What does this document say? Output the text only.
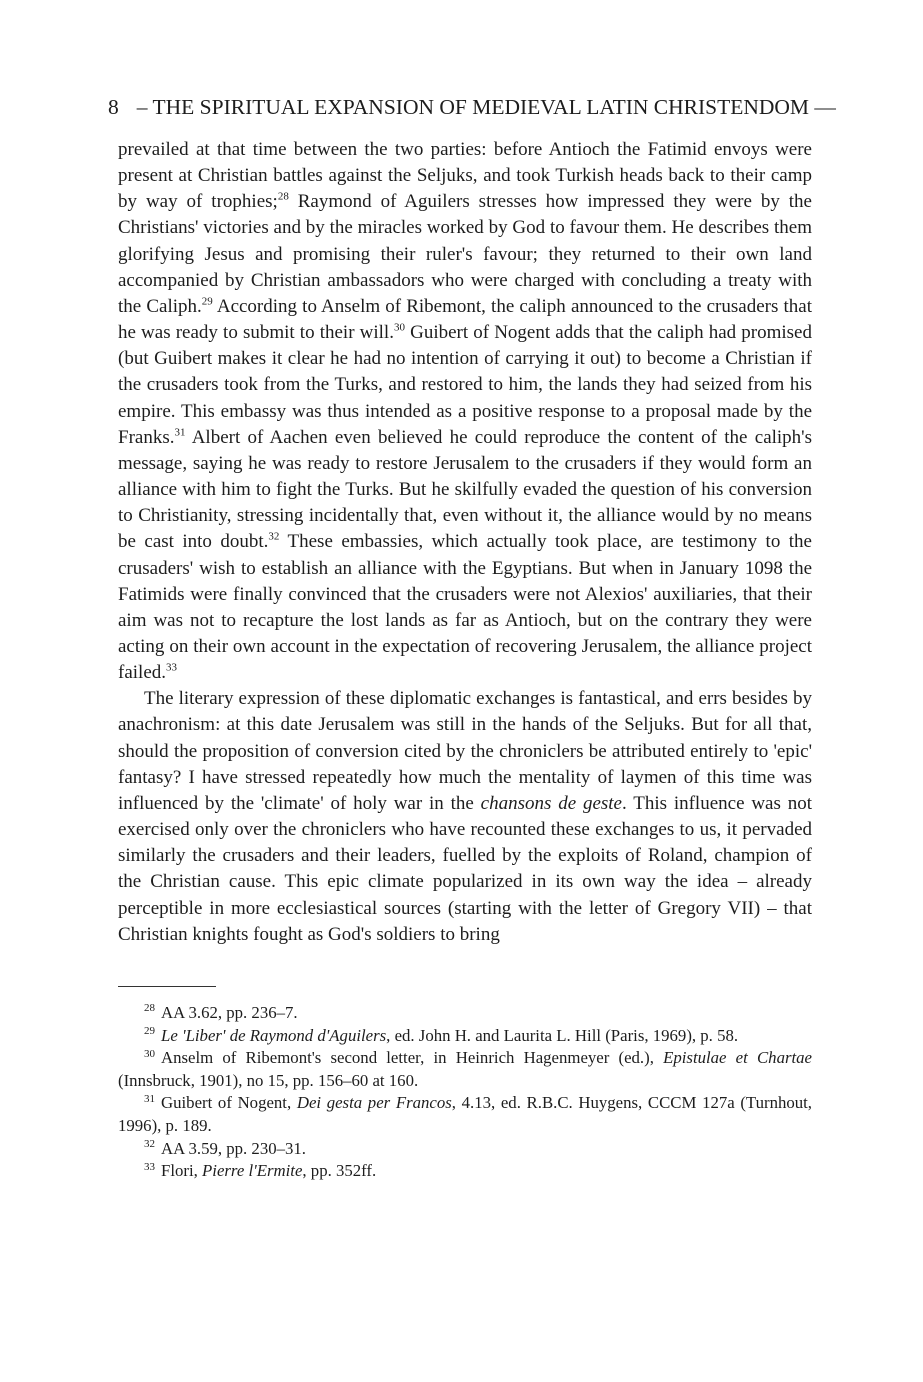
8 – THE SPIRITUAL EXPANSION OF MEDIEVAL LATIN CHRISTENDOM —

prevailed at that time between the two parties: before Antioch the Fatimid envoys were present at Christian battles against the Seljuks, and took Turkish heads back to their camp by way of trophies;$^{28}$ Raymond of Aguilers stresses how impressed they were by the Christians' victories and by the miracles worked by God to favour them. He describes them glorifying Jesus and promising their ruler's favour; they returned to their own land accompanied by Christian ambassadors who were charged with concluding a treaty with the Caliph.$^{29}$ According to Anselm of Ribemont, the caliph announced to the crusaders that he was ready to submit to their will.$^{30}$ Guibert of Nogent adds that the caliph had promised (but Guibert makes it clear he had no intention of carrying it out) to become a Christian if the crusaders took from the Turks, and restored to him, the lands they had seized from his empire. This embassy was thus intended as a positive response to a proposal made by the Franks.$^{31}$ Albert of Aachen even believed he could reproduce the content of the caliph's message, saying he was ready to restore Jerusalem to the crusaders if they would form an alliance with him to fight the Turks. But he skilfully evaded the question of his conversion to Christianity, stressing incidentally that, even without it, the alliance would by no means be cast into doubt.$^{32}$ These embassies, which actually took place, are testimony to the crusaders' wish to establish an alliance with the Egyptians. But when in January 1098 the Fatimids were finally convinced that the crusaders were not Alexios' auxiliaries, that their aim was not to recapture the lost lands as far as Antioch, but on the contrary they were acting on their own account in the expectation of recovering Jerusalem, the alliance project failed.$^{33}$

The literary expression of these diplomatic exchanges is fantastical, and errs besides by anachronism: at this date Jerusalem was still in the hands of the Seljuks. But for all that, should the proposition of conversion cited by the chroniclers be attributed entirely to 'epic' fantasy? I have stressed repeatedly how much the mentality of laymen of this time was influenced by the 'climate' of holy war in the chansons de geste. This influence was not exercised only over the chroniclers who have recounted these exchanges to us, it pervaded similarly the crusaders and their leaders, fuelled by the exploits of Roland, champion of the Christian cause. This epic climate popularized in its own way the idea – already perceptible in more ecclesiastical sources (starting with the letter of Gregory VII) – that Christian knights fought as God's soldiers to bring

$^{28}$ AA 3.62, pp. 236–7.

$^{29}$ Le 'Liber' de Raymond d'Aguilers, ed. John H. and Laurita L. Hill (Paris, 1969), p. 58.

$^{30}$ Anselm of Ribemont's second letter, in Heinrich Hagenmeyer (ed.), Epistulae et Chartae (Innsbruck, 1901), no 15, pp. 156–60 at 160.

$^{31}$ Guibert of Nogent, Dei gesta per Francos, 4.13, ed. R.B.C. Huygens, CCCM 127a (Turnhout, 1996), p. 189.

$^{32}$ AA 3.59, pp. 230–31.

$^{33}$ Flori, Pierre l'Ermite, pp. 352ff.
